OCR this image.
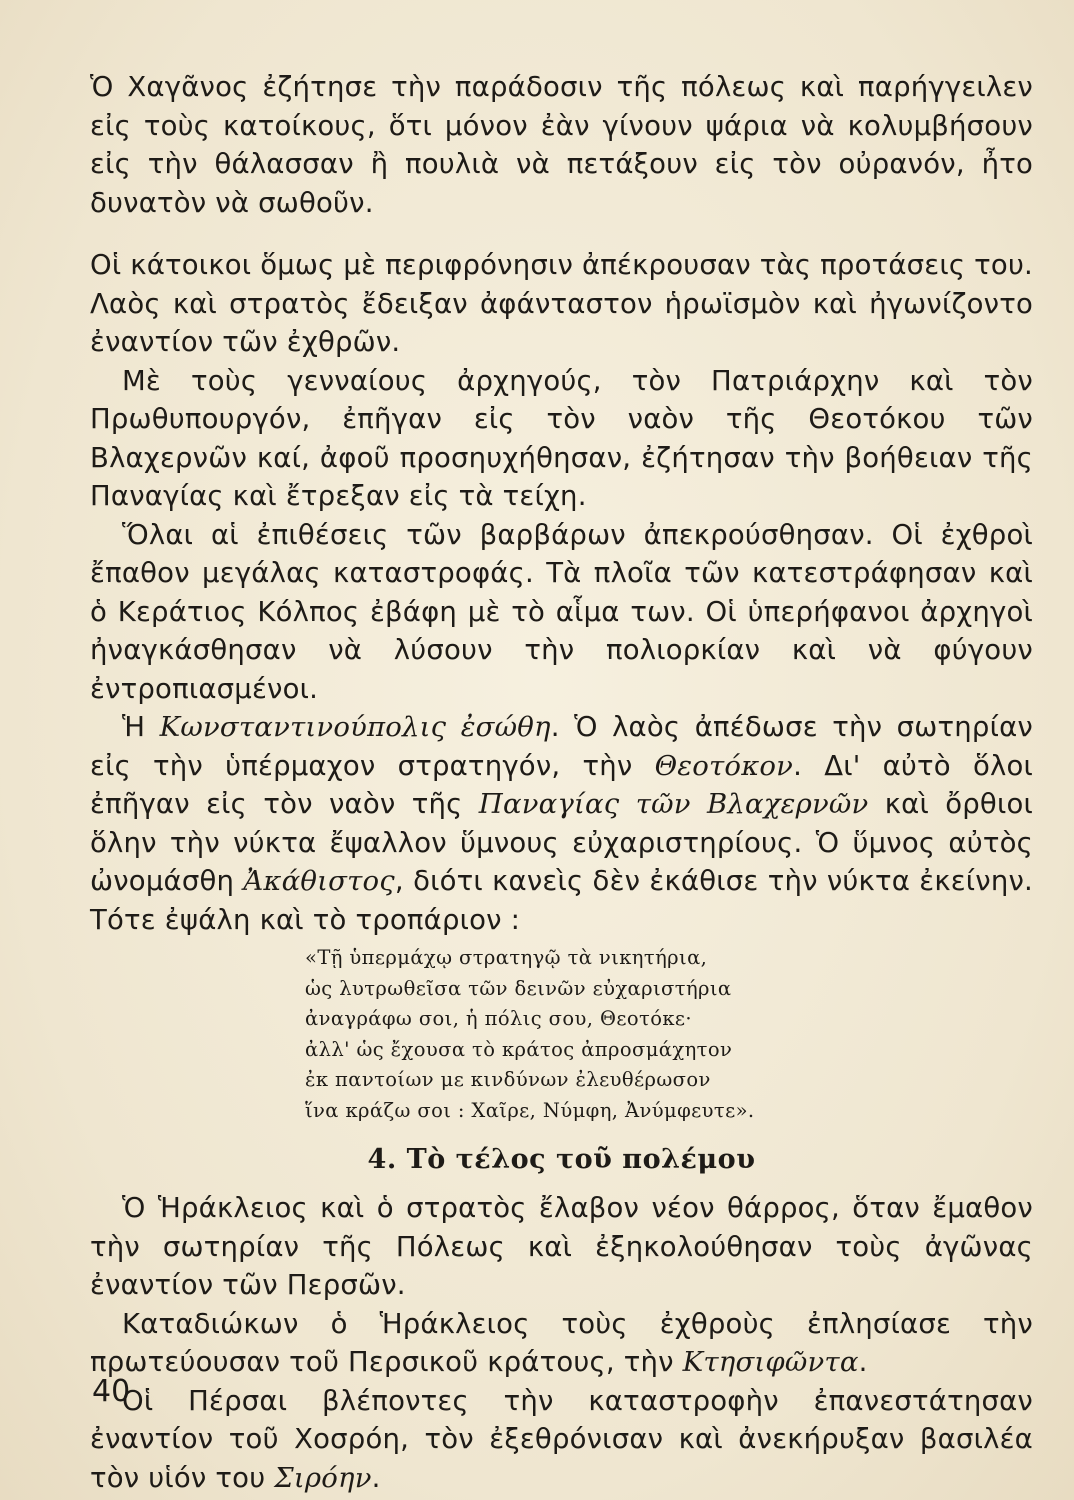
Ὁ Χαγᾶνος ἐζήτησε τὴν παράδοσιν τῆς πόλεως καὶ παρήγγειλεν εἰς τοὺς κατοίκους, ὅτι μόνον ἐὰν γίνουν ψάρια νὰ κολυμβήσουν εἰς τὴν θάλασσαν ἢ πουλιὰ νὰ πετάξουν εἰς τὸν οὐρανόν, ἦτο δυνατὸν νὰ σωθοῦν.

Οἱ κάτοικοι ὅμως μὲ περιφρόνησιν ἀπέκρουσαν τὰς προτάσεις του. Λαὸς καὶ στρατὸς ἔδειξαν ἀφάνταστον ἡρωϊσμὸν καὶ ἠγωνίζοντο ἐναντίον τῶν ἐχθρῶν.

Μὲ τοὺς γενναίους ἀρχηγούς, τὸν Πατριάρχην καὶ τὸν Πρωθυπουργόν, ἐπῆγαν εἰς τὸν ναὸν τῆς Θεοτόκου τῶν Βλαχερνῶν καί, ἀφοῦ προσηυχήθησαν, ἐζήτησαν τὴν βοήθειαν τῆς Παναγίας καὶ ἔτρεξαν εἰς τὰ τείχη.

Ὅλαι αἱ ἐπιθέσεις τῶν βαρβάρων ἀπεκρούσθησαν. Οἱ ἐχθροὶ ἔπαθον μεγάλας καταστροφάς. Τὰ πλοῖα τῶν κατεστράφησαν καὶ ὁ Κεράτιος Κόλπος ἐβάφη μὲ τὸ αἷμα των. Οἱ ὑπερήφανοι ἀρχηγοὶ ἠναγκάσθησαν νὰ λύσουν τὴν πολιορκίαν καὶ νὰ φύγουν ἐντροπιασμένοι.

Ἡ Κωνσταντινούπολις ἐσώθη. Ὁ λαὸς ἀπέδωσε τὴν σωτηρίαν εἰς τὴν ὑπέρμαχον στρατηγόν, τὴν Θεοτόκον. Δι' αὐτὸ ὅλοι ἐπῆγαν εἰς τὸν ναὸν τῆς Παναγίας τῶν Βλαχερνῶν καὶ ὄρθιοι ὅλην τὴν νύκτα ἔψαλλον ὕμνους εὐχαριστηρίους. Ὁ ὕμνος αὐτὸς ὠνομάσθη Ἀκάθιστος, διότι κανεὶς δὲν ἐκάθισε τὴν νύκτα ἐκείνην. Τότε ἐψάλη καὶ τὸ τροπάριον :

«Τῇ ὑπερμάχῳ στρατηγῷ τὰ νικητήρια,
ὡς λυτρωθεῖσα τῶν δεινῶν εὐχαριστήρια
ἀναγράφω σοι, ἡ πόλις σου, Θεοτόκε·
ἀλλ' ὡς ἔχουσα τὸ κράτος ἀπροσμάχητον
ἐκ παντοίων με κινδύνων ἐλευθέρωσον
ἵνα κράζω σοι : Χαῖρε, Νύμφη, Ἀνύμφευτε».
4. Τὸ τέλος τοῦ πολέμου

Ὁ Ἡράκλειος καὶ ὁ στρατὸς ἔλαβον νέον θάρρος, ὅταν ἔμαθον τὴν σωτηρίαν τῆς Πόλεως καὶ ἐξηκολούθησαν τοὺς ἀγῶνας ἐναντίον τῶν Περσῶν.

Καταδιώκων ὁ Ἡράκλειος τοὺς ἐχθροὺς ἐπλησίασε τὴν πρωτεύουσαν τοῦ Περσικοῦ κράτους, τὴν Κτησιφῶντα.

Οἱ Πέρσαι βλέποντες τὴν καταστροφὴν ἐπανεστάτησαν ἐναντίον τοῦ Χοσρόη, τὸν ἐξεθρόνισαν καὶ ἀνεκήρυξαν βασιλέα τὸν υἱόν του Σιρόην.

40
